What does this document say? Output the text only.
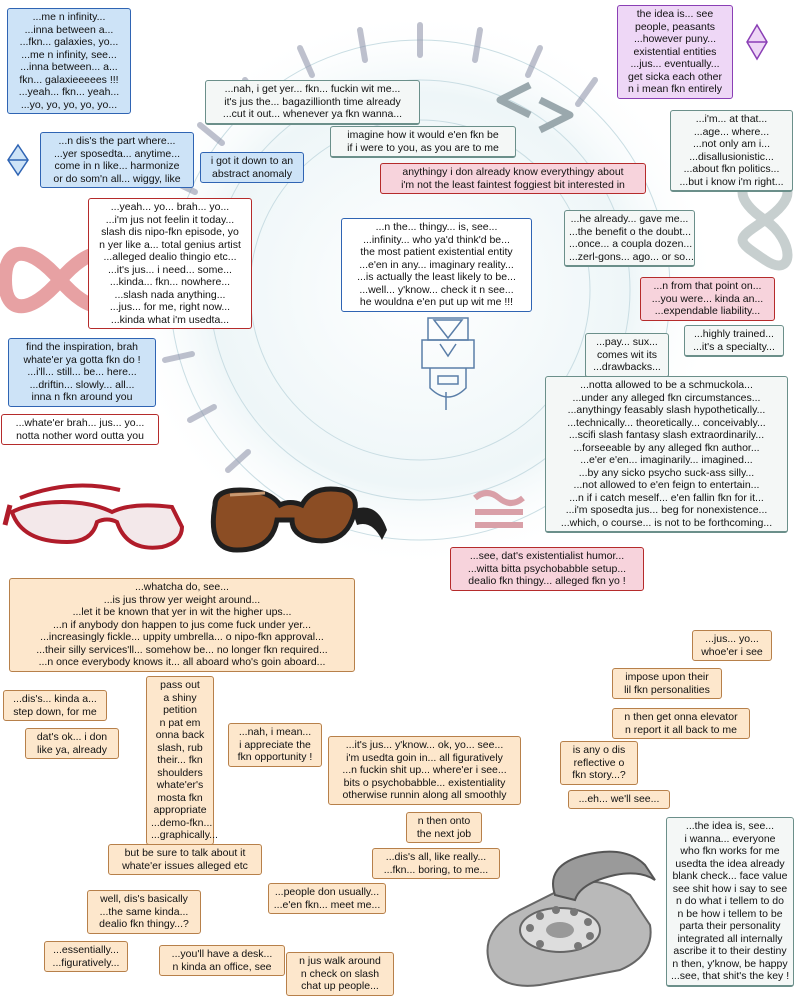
...me n infinity...
...inna between a...
...fkn... galaxies, yo...
...me n infinity, see...
...inna between... a...
fkn... galaxieeeees !!!
...yeah... fkn... yeah...
...yo, yo, yo, yo, yo...
...n dis's the part where...
...yer sposedta... anytime...
come in n like... harmonize
or do som'n all... wiggy, like
...nah, i get yer... fkn... fuckin wit me...
it's jus the... bagazillionth time already
...cut it out... whenever ya fkn wanna...
imagine how it would e'en fkn be
if i were to you, as you are to me
i got it down to an
abstract anomaly	anythingy i don already know everythingy about
i'm not the least faintest foggiest bit interested in
the idea is... see
people, peasants
...however puny...
existential entities
...jus... eventually...
get sicka each other
n i mean fkn entirely
...i'm... at that...
...age... where...
...not only am i...
...disallusionistic...
...about fkn politics...
...but i know i'm right...
...yeah... yo... brah... yo...
...i'm jus not feelin it today...
slash dis nipo-fkn episode, yo
n yer like a... total genius artist
...alleged dealio thingio etc...
...it's jus... i need... some...
...kinda... fkn... nowhere...
...slash nada anything...
...jus... for me, right now...
...kinda what i'm usedta...
...n the... thingy... is, see...
...infinity... who ya'd think'd be...
the most patient existential entity
...e'en in any... imaginary reality...
...is actually the least likely to be...
...well... y'know... check it n see...
he wouldna e'en put up wit me !!!
...he already... gave me...
...the benefit o the doubt...
...once... a coupla dozen...
...zerl-gons... ago... or so...
...n from that point on...
...you were... kinda an...
...expendable liability...
...highly trained...
...it's a specialty...
...pay... sux...
comes wit its
...drawbacks...
find the inspiration, brah
whate'er ya gotta fkn do !
...i'll... still... be... here...
...driftin... slowly... all...
inna n fkn around you
...whate'er brah... jus... yo...
notta nother word outta you
...notta allowed to be a schmuckola...
...under any alleged fkn circumstances...
...anythingy feasably slash hypothetically...
...technically... theoretically... conceivably...
...scifi slash fantasy slash extraordinarily...
...forseeable by any alleged fkn author...
...e'er e'en... imaginarily... imagined...
...by any sicko psycho suck-ass silly...
...not allowed to e'en feign to entertain...
...n if i catch meself... e'en fallin fkn for it...
...i'm sposedta jus... beg for nonexistence...
...which, o course... is not to be forthcoming...
...see, dat's existentialist humor...
...witta bitta psychobabble setup...
dealio fkn thingy... alleged fkn yo !
...whatcha do, see...
...is jus throw yer weight around...
...let it be known that yer in wit the higher ups...
...n if anybody don happen to jus come fuck under yer...
...increasingly fickle... uppity umbrella... o nipo-fkn approval...
...their silly services'll... somehow be... no longer fkn required...
...n once everybody knows it... all aboard who's goin aboard...
pass out
a shiny
petition
n pat em
onna back
slash, rub
their... fkn
shoulders
whate'er's
mosta fkn
appropriate
...demo-fkn...
...graphically...
but be sure to talk about it
whate'er issues alleged etc
...dis's... kinda a...
step down, for me
dat's ok... i don
like ya, already
...nah, i mean...
i appreciate the
fkn opportunity !
...it's jus... y'know... ok, yo... see...
i'm usedta goin in... all figuratively
...n fuckin shit up... where'er i see...
bits o psychobabble... existentiality
otherwise runnin along all smoothly
n then onto
the next job
...dis's all, like really...
...fkn... boring, to me...
...people don usually...
...e'en fkn... meet me...
well, dis's basically
...the same kinda...
dealio fkn thingy...?
...essentially...
...figuratively...
...you'll have a desk...
n kinda an office, see	n jus walk around
n check on slash
chat up people...
...jus... yo...
whoe'er i see
impose upon their
lil fkn personalities
n then get onna elevator
n report it all back to me
is any o dis
reflective o
fkn story...?
...eh... we'll see...
...the idea is, see...
i wanna... everyone
who fkn works for me
usedta the idea already
blank check... face value
see shit how i say to see
n do what i tellem to do
n be how i tellem to be
parta their personality
integrated all internally
ascribe it to their destiny
n then, y'know, be happy
...see, that shit's the key !
